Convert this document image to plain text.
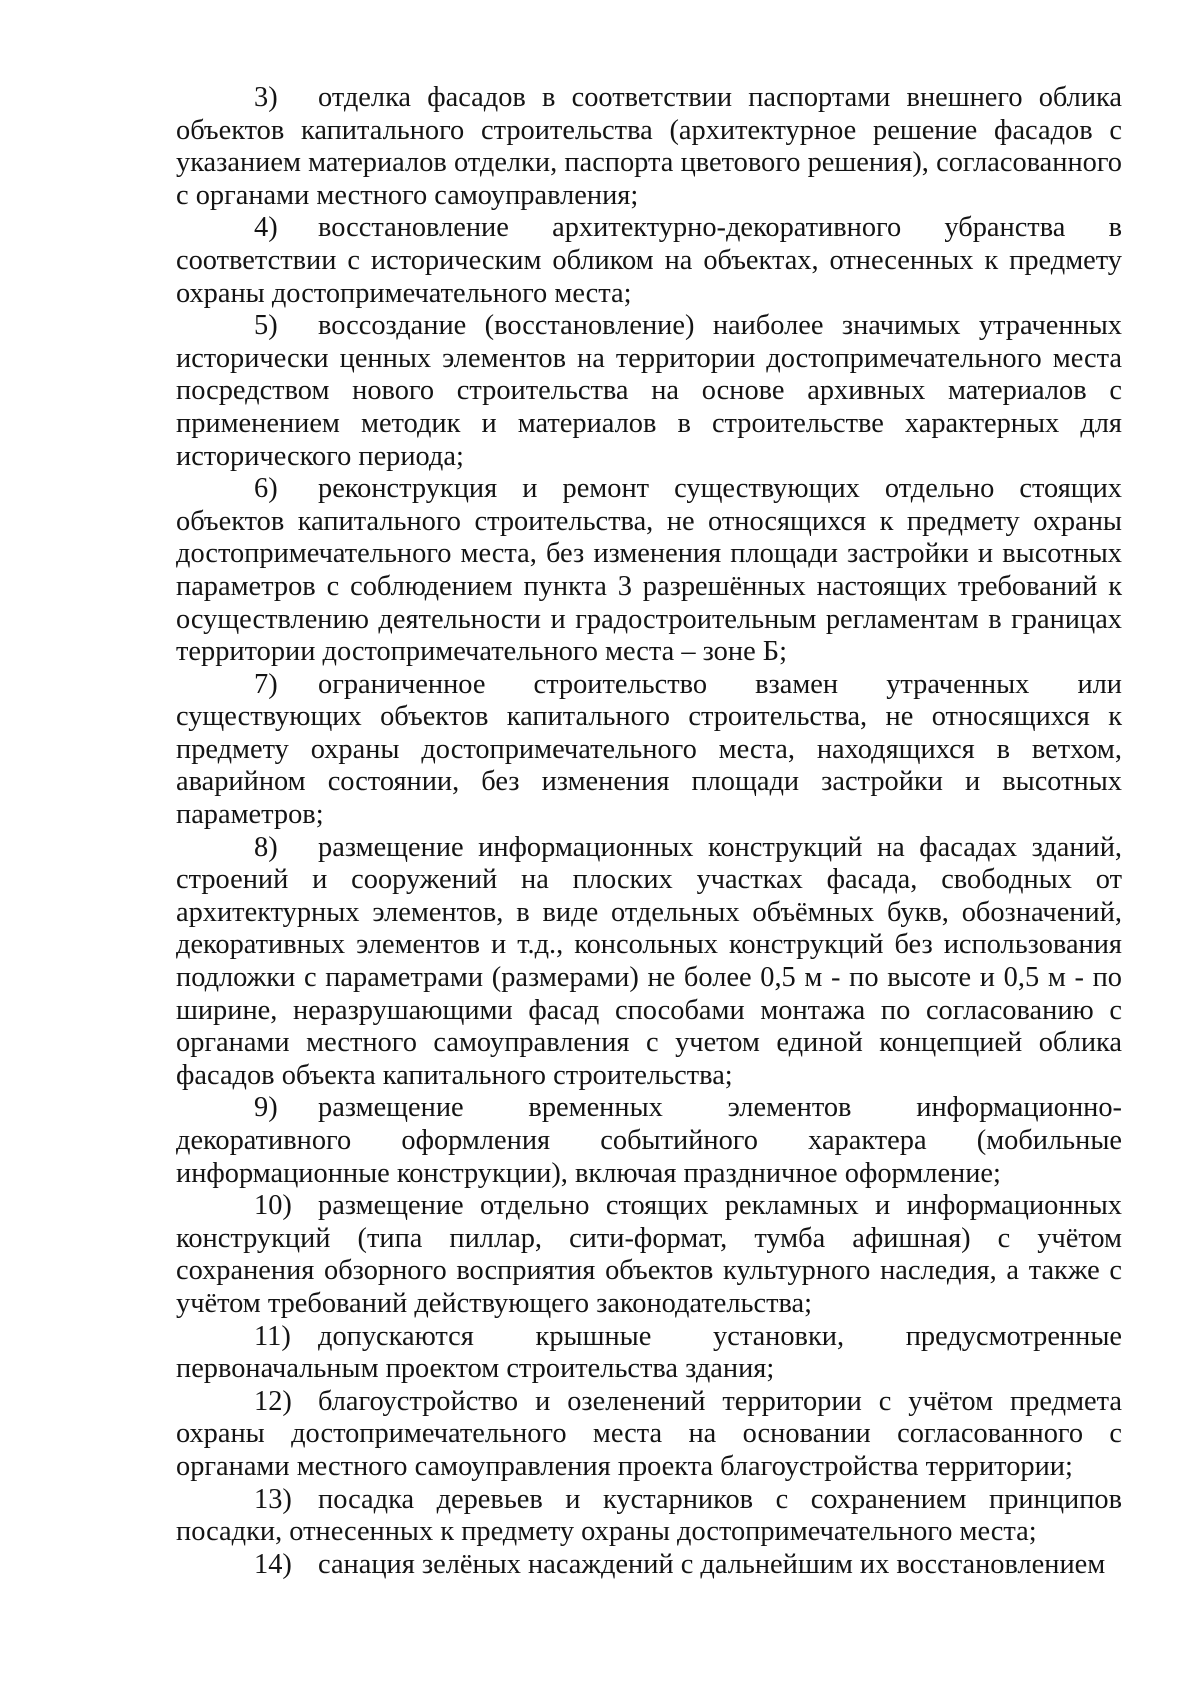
3) отделка фасадов в соответствии паспортами внешнего облика объектов капитального строительства (архитектурное решение фасадов с указанием материалов отделки, паспорта цветового решения), согласованного с органами местного самоуправления;

4) восстановление архитектурно-декоративного убранства в соответствии с историческим обликом на объектах, отнесенных к предмету охраны достопримечательного места;

5) воссоздание (восстановление) наиболее значимых утраченных исторически ценных элементов на территории достопримечательного места посредством нового строительства на основе архивных материалов с применением методик и материалов в строительстве характерных для исторического периода;

6) реконструкция и ремонт существующих отдельно стоящих объектов капитального строительства, не относящихся к предмету охраны достопримечательного места, без изменения площади застройки и высотных параметров с соблюдением пункта 3 разрешённых настоящих требований к осуществлению деятельности и градостроительным регламентам в границах территории достопримечательного места – зоне Б;

7) ограниченное строительство взамен утраченных или существующих объектов капитального строительства, не относящихся к предмету охраны достопримечательного места, находящихся в ветхом, аварийном состоянии, без изменения площади застройки и высотных параметров;

8) размещение информационных конструкций на фасадах зданий, строений и сооружений на плоских участках фасада, свободных от архитектурных элементов, в виде отдельных объёмных букв, обозначений, декоративных элементов и т.д., консольных конструкций без использования подложки с параметрами (размерами) не более 0,5 м - по высоте и 0,5 м - по ширине, неразрушающими фасад способами монтажа по согласованию с органами местного самоуправления с учетом единой концепцией облика фасадов объекта капитального строительства;

9) размещение временных элементов информационно-декоративного оформления событийного характера (мобильные информационные конструкции), включая праздничное оформление;

10) размещение отдельно стоящих рекламных и информационных конструкций (типа пиллар, сити-формат, тумба афишная) с учётом сохранения обзорного восприятия объектов культурного наследия, а также с учётом требований действующего законодательства;

11) допускаются крышные установки, предусмотренные первоначальным проектом строительства здания;

12) благоустройство и озеленений территории с учётом предмета охраны достопримечательного места на основании согласованного с органами местного самоуправления проекта благоустройства территории;

13) посадка деревьев и кустарников с сохранением принципов посадки, отнесенных к предмету охраны достопримечательного места;

14) санация зелёных насаждений с дальнейшим их восстановлением
